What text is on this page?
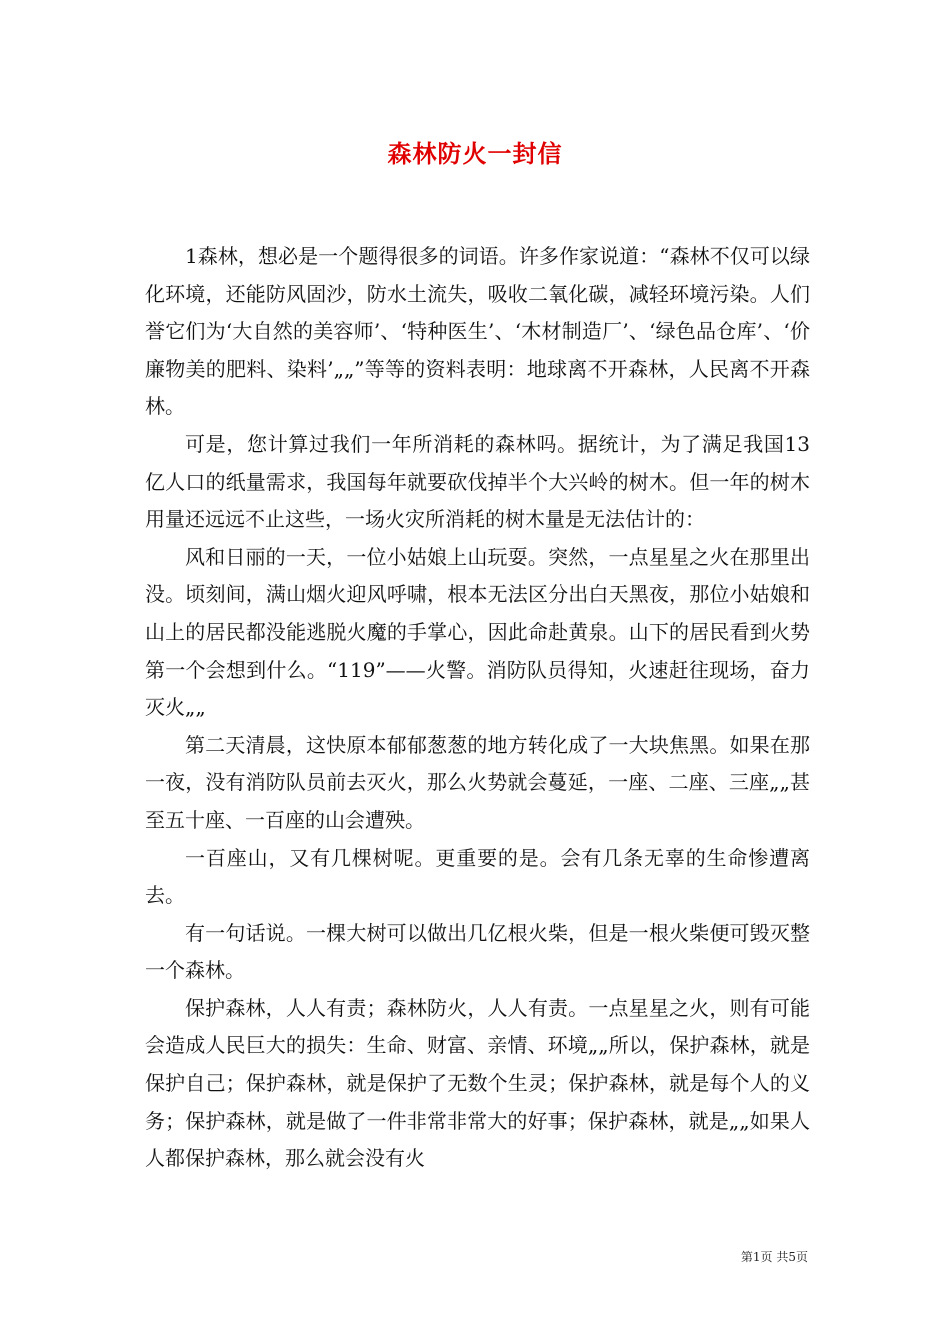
森林防火一封信

1森林，想必是一个题得很多的词语。许多作家说道：“森林不仅可以绿化环境，还能防风固沙，防水土流失，吸收二氧化碳，减轻环境污染。人们誉它们为‘大自然的美容师’、‘特种医生’、‘木材制造厂’、‘绿色品仓库’、‘价廉物美的肥料、染料’„„”等等的资料表明：地球离不开森林，人民离不开森林。

可是，您计算过我们一年所消耗的森林吗。据统计，为了满足我国13亿人口的纸量需求，我国每年就要砍伐掉半个大兴岭的树木。但一年的树木用量还远远不止这些，一场火灾所消耗的树木量是无法估计的：

风和日丽的一天，一位小姑娘上山玩耍。突然，一点星星之火在那里出没。顷刻间，满山烟火迎风呼啸，根本无法区分出白天黑夜，那位小姑娘和山上的居民都没能逃脱火魔的手掌心，因此命赴黄泉。山下的居民看到火势第一个会想到什么。“119”——火警。消防队员得知，火速赶往现场，奋力灭火„„

第二天清晨，这快原本郁郁葱葱的地方转化成了一大块焦黑。如果在那一夜，没有消防队员前去灭火，那么火势就会蔓延，一座、二座、三座„„甚至五十座、一百座的山会遭殃。

一百座山，又有几棵树呢。更重要的是。会有几条无辜的生命惨遭离去。

有一句话说。一棵大树可以做出几亿根火柴，但是一根火柴便可毁灭整一个森林。

保护森林，人人有责；森林防火，人人有责。一点星星之火，则有可能会造成人民巨大的损失：生命、财富、亲情、环境„„所以，保护森林，就是保护自己；保护森林，就是保护了无数个生灵；保护森林，就是每个人的义务；保护森林，就是做了一件非常非常大的好事；保护森林，就是„„如果人人都保护森林，那么就会没有火

第1页 共5页
